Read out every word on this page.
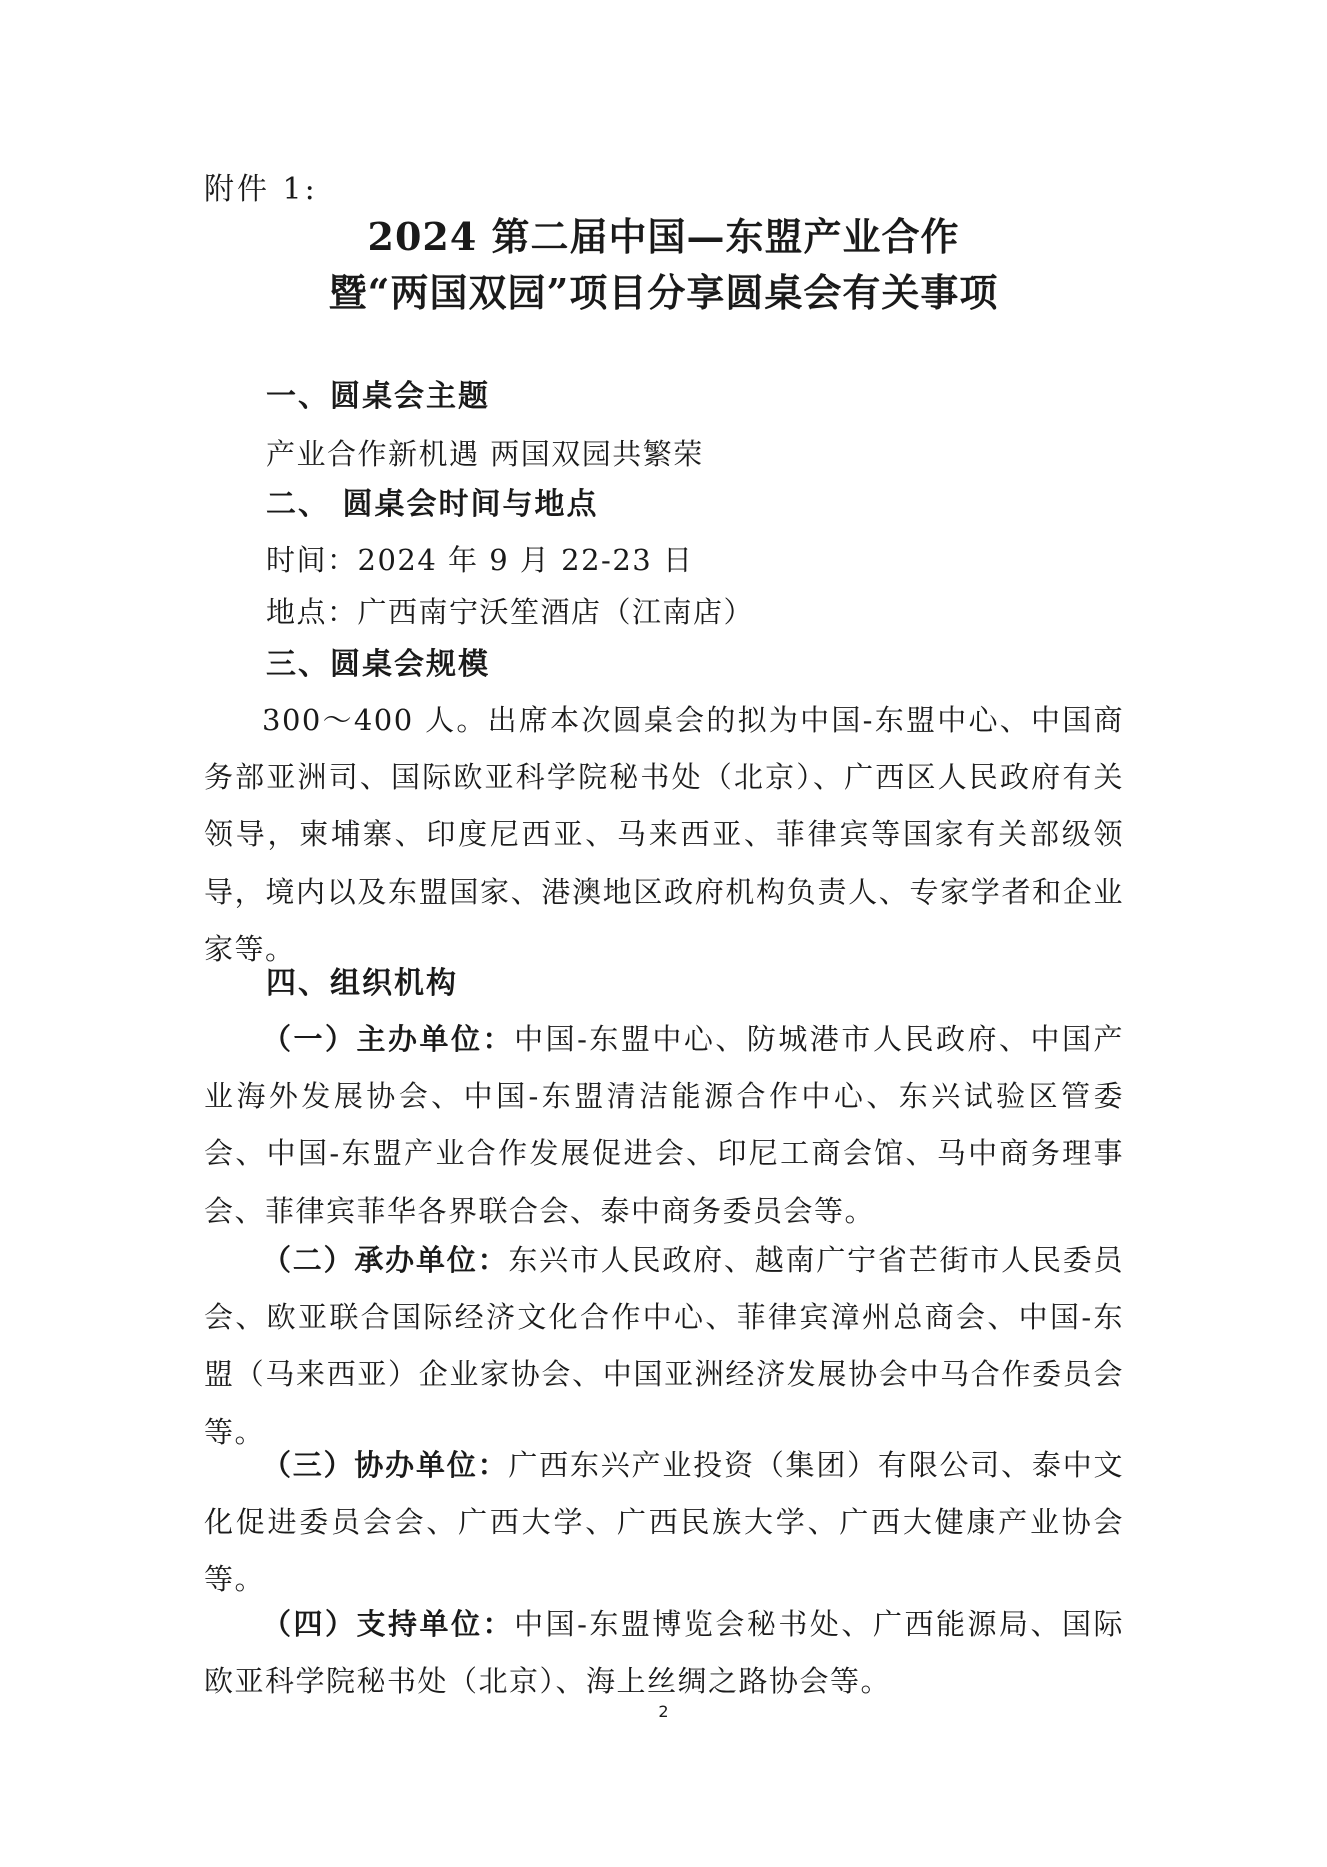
附件 1:
2024 第二届中国—东盟产业合作
暨“两国双园”项目分享圆桌会有关事项
一、圆桌会主题
产业合作新机遇 两国双园共繁荣
二、 圆桌会时间与地点
时间：2024 年 9 月 22-23 日
地点：广西南宁沃笙酒店（江南店）
三、圆桌会规模
300～400 人。出席本次圆桌会的拟为中国-东盟中心、中国商务部亚洲司、国际欧亚科学院秘书处（北京）、广西区人民政府有关领导，柬埔寨、印度尼西亚、马来西亚、菲律宾等国家有关部级领导，境内以及东盟国家、港澳地区政府机构负责人、专家学者和企业家等。
四、组织机构
（一）主办单位：中国-东盟中心、防城港市人民政府、中国产业海外发展协会、中国-东盟清洁能源合作中心、东兴试验区管委会、中国-东盟产业合作发展促进会、印尼工商会馆、马中商务理事会、菲律宾菲华各界联合会、泰中商务委员会等。
（二）承办单位：东兴市人民政府、越南广宁省芒街市人民委员会、欧亚联合国际经济文化合作中心、菲律宾漳州总商会、中国-东盟（马来西亚）企业家协会、中国亚洲经济发展协会中马合作委员会等。
（三）协办单位：广西东兴产业投资（集团）有限公司、泰中文化促进委员会会、广西大学、广西民族大学、广西大健康产业协会等。
（四）支持单位：中国-东盟博览会秘书处、广西能源局、国际欧亚科学院秘书处（北京）、海上丝绸之路协会等。
2
